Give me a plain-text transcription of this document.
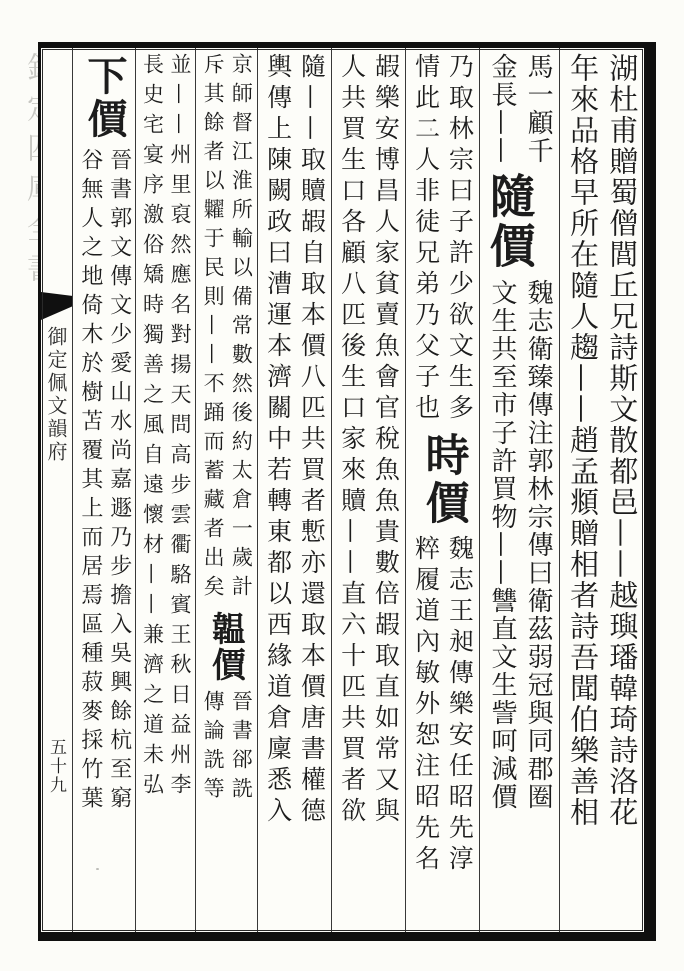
御定佩文韻府
五十九	湖杜甫贈蜀僧閭丘兄詩斯文散都邑——越璵璠韓琦詩洛花
年來品格早所在隨人趨——趙孟頫贈相者詩吾聞伯樂善相
馬一顧千
金長——
隨價
魏志衛臻傳注郭林宗傳曰衛茲弱冠與同郡圈
文生共至市子許買物——讐直文生訾呵減價
乃取林宗曰子許少欲文生多
情此二人非徒兄弟乃父子也
時價
魏志王昶傳樂安任昭先淳
粹履道內敏外恕注昭先名
嘏樂安博昌人家貧賣魚會官稅魚魚貴數倍嘏取直如常又與
人共買生口各顧八匹後生口家來贖——直六十匹共買者欲
隨——取贖嘏自取本價八匹共買者慙亦還取本價唐書權德
輿傳上陳闕政曰漕運本濟關中若轉東都以西緣道倉廩悉入
京師督江淮所輸以備常數然後約太倉一歲計
斥其餘者以糶于民則——不踊而蓄藏者出矣
韞價
晉書郤詵
傳論詵等
並——州里裒然應名對揚天問高步雲衢駱賓王秋日益州李
長史宅宴序激俗矯時獨善之風自遠懷材——兼濟之道未弘
下價
晉書郭文傳文少愛山水尚嘉遯乃步擔入吳興餘杭至窮
谷無人之地倚木於樹苫覆其上而居焉區種菽麥採竹葉
